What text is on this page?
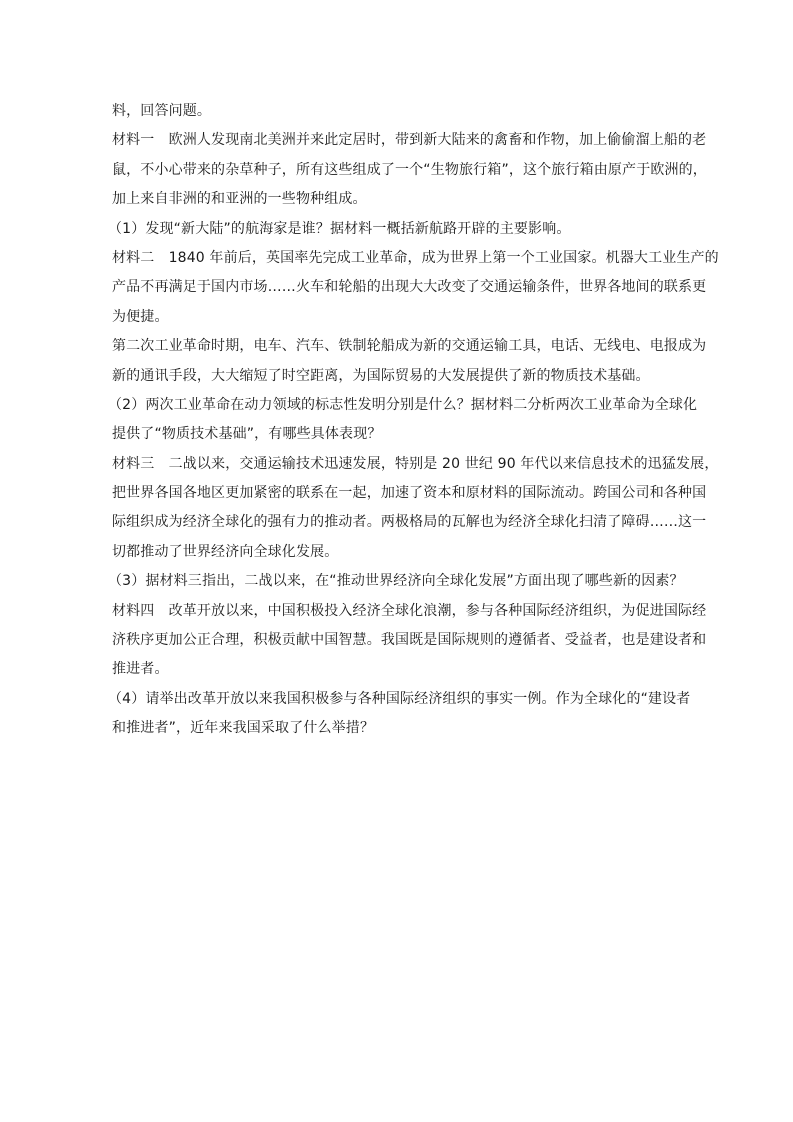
料，回答问题。
材料一　欧洲人发现南北美洲并来此定居时，带到新大陆来的禽畜和作物，加上偷偷溜上船的老
鼠，不小心带来的杂草种子，所有这些组成了一个“生物旅行箱”，这个旅行箱由原产于欧洲的，
加上来自非洲的和亚洲的一些物种组成。
（1）发现“新大陆”的航海家是谁？据材料一概括新航路开辟的主要影响。
材料二　1840 年前后，英国率先完成工业革命，成为世界上第一个工业国家。机器大工业生产的
产品不再满足于国内市场……火车和轮船的出现大大改变了交通运输条件，世界各地间的联系更
为便捷。
第二次工业革命时期，电车、汽车、铁制轮船成为新的交通运输工具，电话、无线电、电报成为
新的通讯手段，大大缩短了时空距离，为国际贸易的大发展提供了新的物质技术基础。
（2）两次工业革命在动力领域的标志性发明分别是什么？据材料二分析两次工业革命为全球化
提供了“物质技术基础”，有哪些具体表现？
材料三　二战以来，交通运输技术迅速发展，特别是 20 世纪 90 年代以来信息技术的迅猛发展，
把世界各国各地区更加紧密的联系在一起，加速了资本和原材料的国际流动。跨国公司和各种国
际组织成为经济全球化的强有力的推动者。两极格局的瓦解也为经济全球化扫清了障碍……这一
切都推动了世界经济向全球化发展。
（3）据材料三指出，二战以来，在“推动世界经济向全球化发展”方面出现了哪些新的因素？
材料四　改革开放以来，中国积极投入经济全球化浪潮，参与各种国际经济组织，为促进国际经
济秩序更加公正合理，积极贡献中国智慧。我国既是国际规则的遵循者、受益者，也是建设者和
推进者。
（4）请举出改革开放以来我国积极参与各种国际经济组织的事实一例。作为全球化的“建设者
和推进者”，近年来我国采取了什么举措？
